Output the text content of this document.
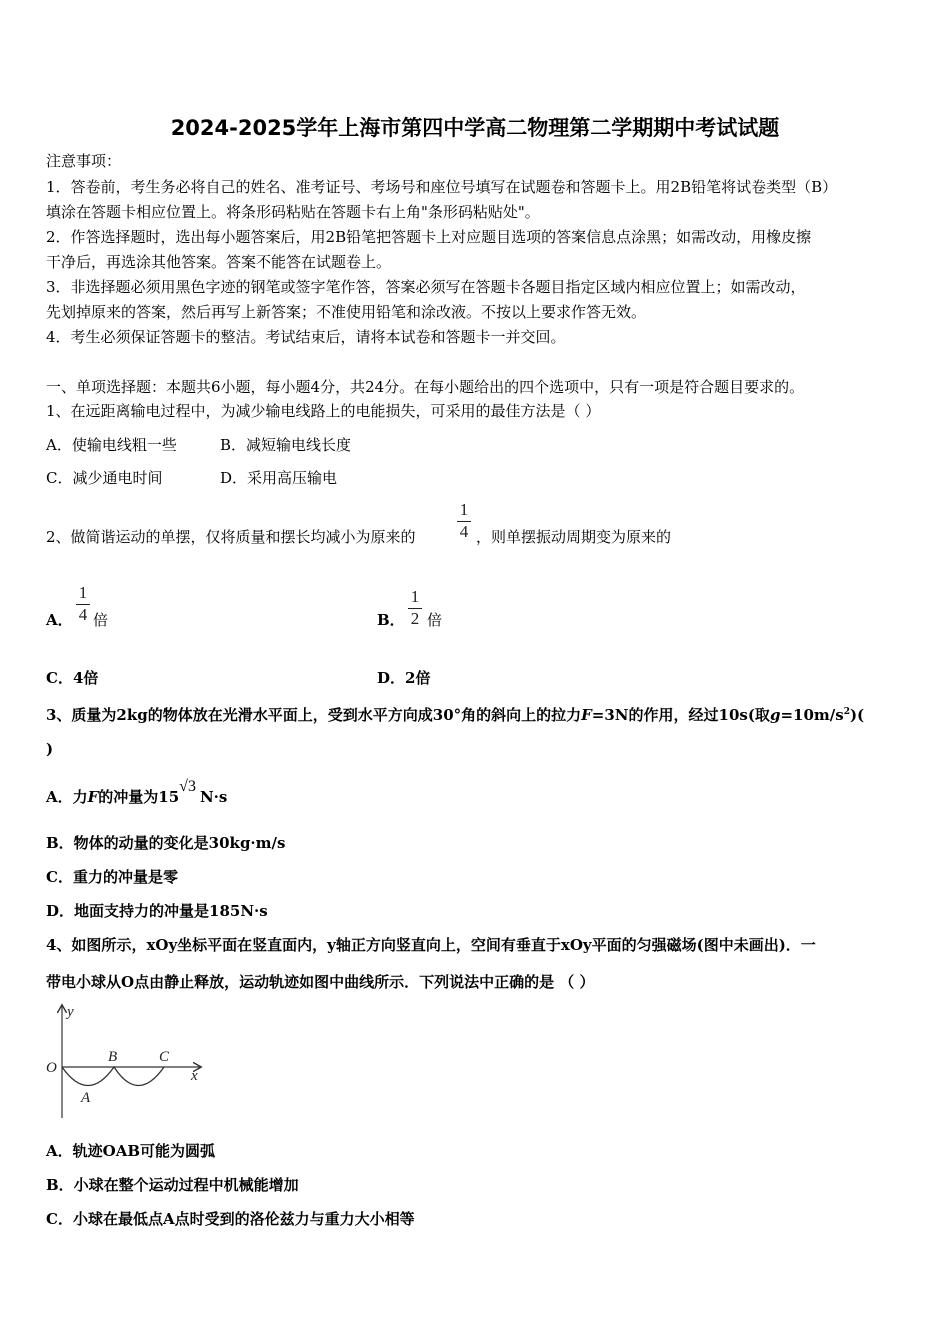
2024-2025学年上海市第四中学高二物理第二学期期中考试试题
注意事项：
1．答卷前，考生务必将自己的姓名、准考证号、考场号和座位号填写在试题卷和答题卡上。用2B铅笔将试卷类型（B）
填涂在答题卡相应位置上。将条形码粘贴在答题卡右上角"条形码粘贴处"。
2．作答选择题时，选出每小题答案后，用2B铅笔把答题卡上对应题目选项的答案信息点涂黑；如需改动，用橡皮擦
干净后，再选涂其他答案。答案不能答在试题卷上。
3．非选择题必须用黑色字迹的钢笔或签字笔作答，答案必须写在答题卡各题目指定区域内相应位置上；如需改动，
先划掉原来的答案，然后再写上新答案；不准使用铅笔和涂改液。不按以上要求作答无效。
4．考生必须保证答题卡的整洁。考试结束后，请将本试卷和答题卡一并交回。
一、单项选择题：本题共6小题，每小题4分，共24分。在每小题给出的四个选项中，只有一项是符合题目要求的。
1、在远距离输电过程中，为减少输电线路上的电能损失，可采用的最佳方法是（ ）
A．使输电线粗一些	B．减短输电线长度
C．减少通电时间	D．采用高压输电
2、做简谐运动的单摆，仅将质量和摆长均减小为原来的
1
4 ，则单摆振动周期变为原来的
A．
1
4 倍	B．
1
2 倍
C．4倍	D．2倍
3、质量为2kg的物体放在光滑水平面上，受到水平方向成30°角的斜向上的拉力F=3N的作用，经过10s(取$g=10m/s^2$)(
)
A．力F的冲量为15√3N·s
B．物体的动量的变化是30kg·m/s
C．重力的冲量是零
D．地面支持力的冲量是185N·s
4、如图所示，xOy坐标平面在竖直面内，y轴正方向竖直向上，空间有垂直于xOy平面的匀强磁场(图中未画出)．一
带电小球从O点由静止释放，运动轨迹如图中曲线所示．下列说法中正确的是 （ ）
y
O
B	C
x
A
A．轨迹OAB可能为圆弧
B．小球在整个运动过程中机械能增加
C．小球在最低点A点时受到的洛伦兹力与重力大小相等
